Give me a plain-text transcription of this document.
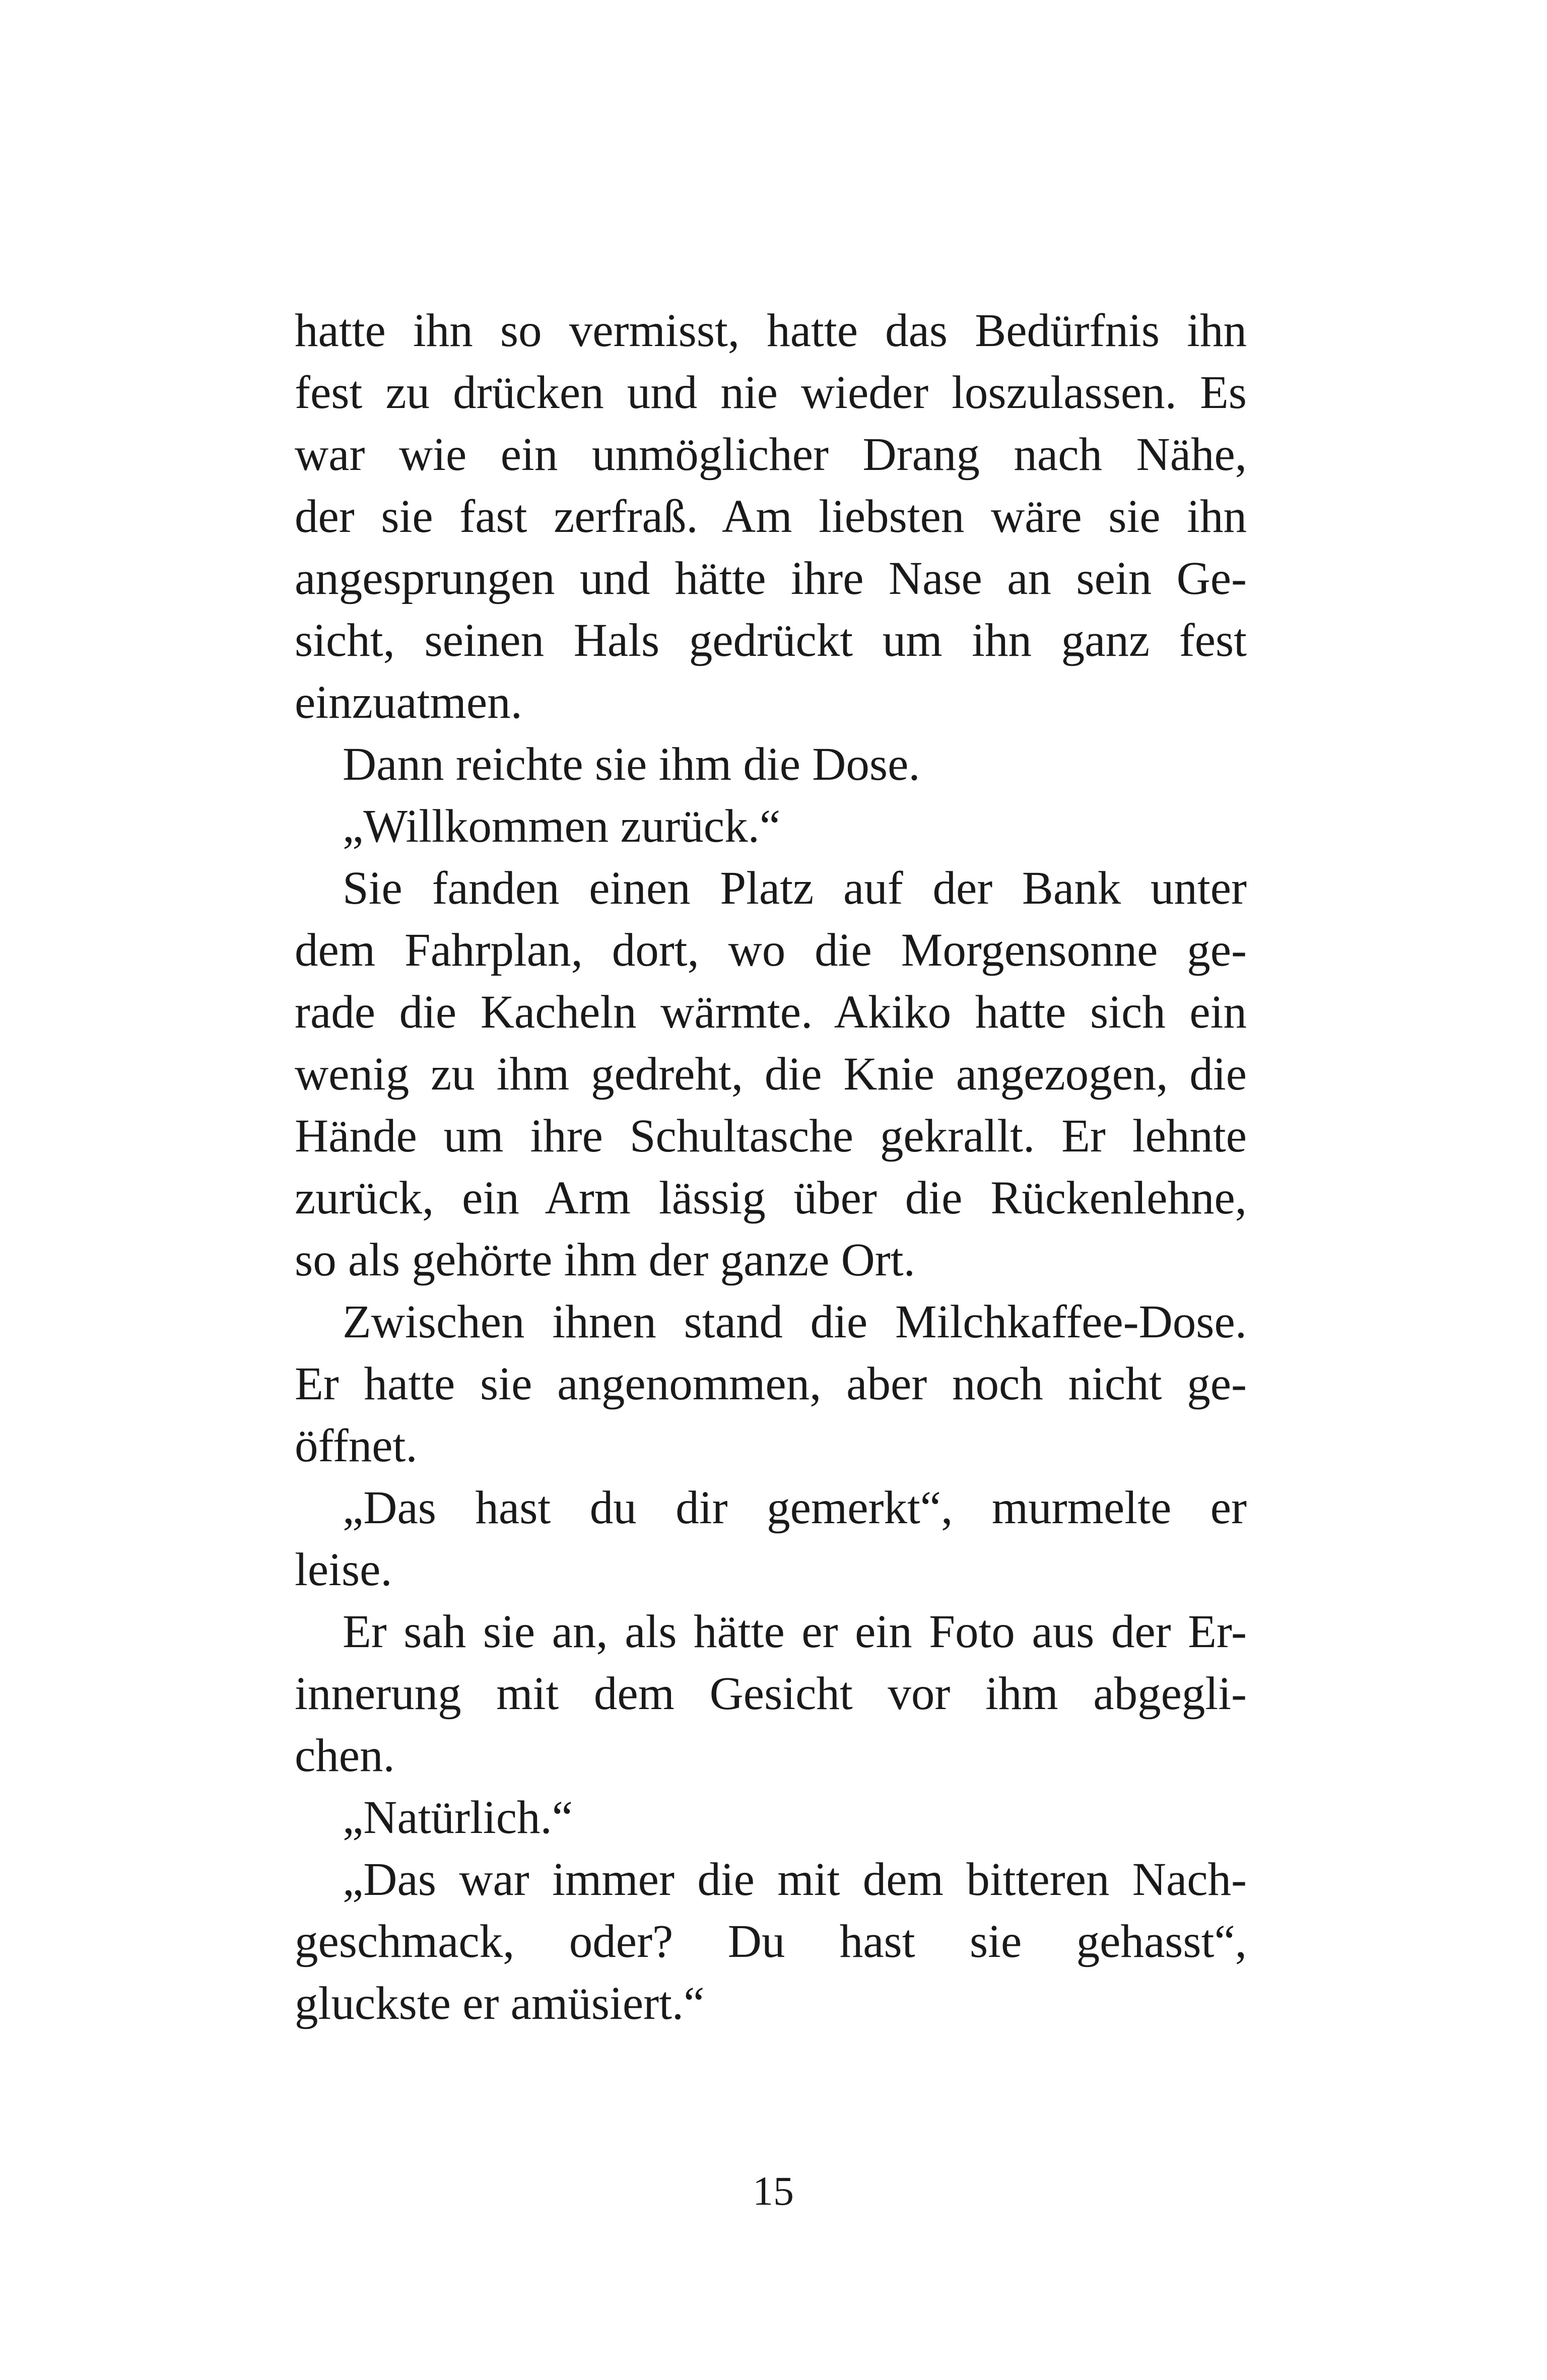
hatte ihn so vermisst, hatte das Bedürfnis ihn
fest zu drücken und nie wieder loszulassen. Es
war wie ein unmöglicher Drang nach Nähe,
der sie fast zerfraß. Am liebsten wäre sie ihn
angesprungen und hätte ihre Nase an sein Ge-
sicht, seinen Hals gedrückt um ihn ganz fest
einzuatmen.
Dann reichte sie ihm die Dose.
„Willkommen zurück.“
Sie fanden einen Platz auf der Bank unter
dem Fahrplan, dort, wo die Morgensonne ge-
rade die Kacheln wärmte. Akiko hatte sich ein
wenig zu ihm gedreht, die Knie angezogen, die
Hände um ihre Schultasche gekrallt. Er lehnte
zurück, ein Arm lässig über die Rückenlehne,
so als gehörte ihm der ganze Ort.
Zwischen ihnen stand die Milchkaffee-Dose.
Er hatte sie angenommen, aber noch nicht ge-
öffnet.
„Das hast du dir gemerkt“, murmelte er
leise.
Er sah sie an, als hätte er ein Foto aus der Er-
innerung mit dem Gesicht vor ihm abgegli-
chen.
„Natürlich.“
„Das war immer die mit dem bitteren Nach-
geschmack, oder? Du hast sie gehasst“,
gluckste er amüsiert.“
15
